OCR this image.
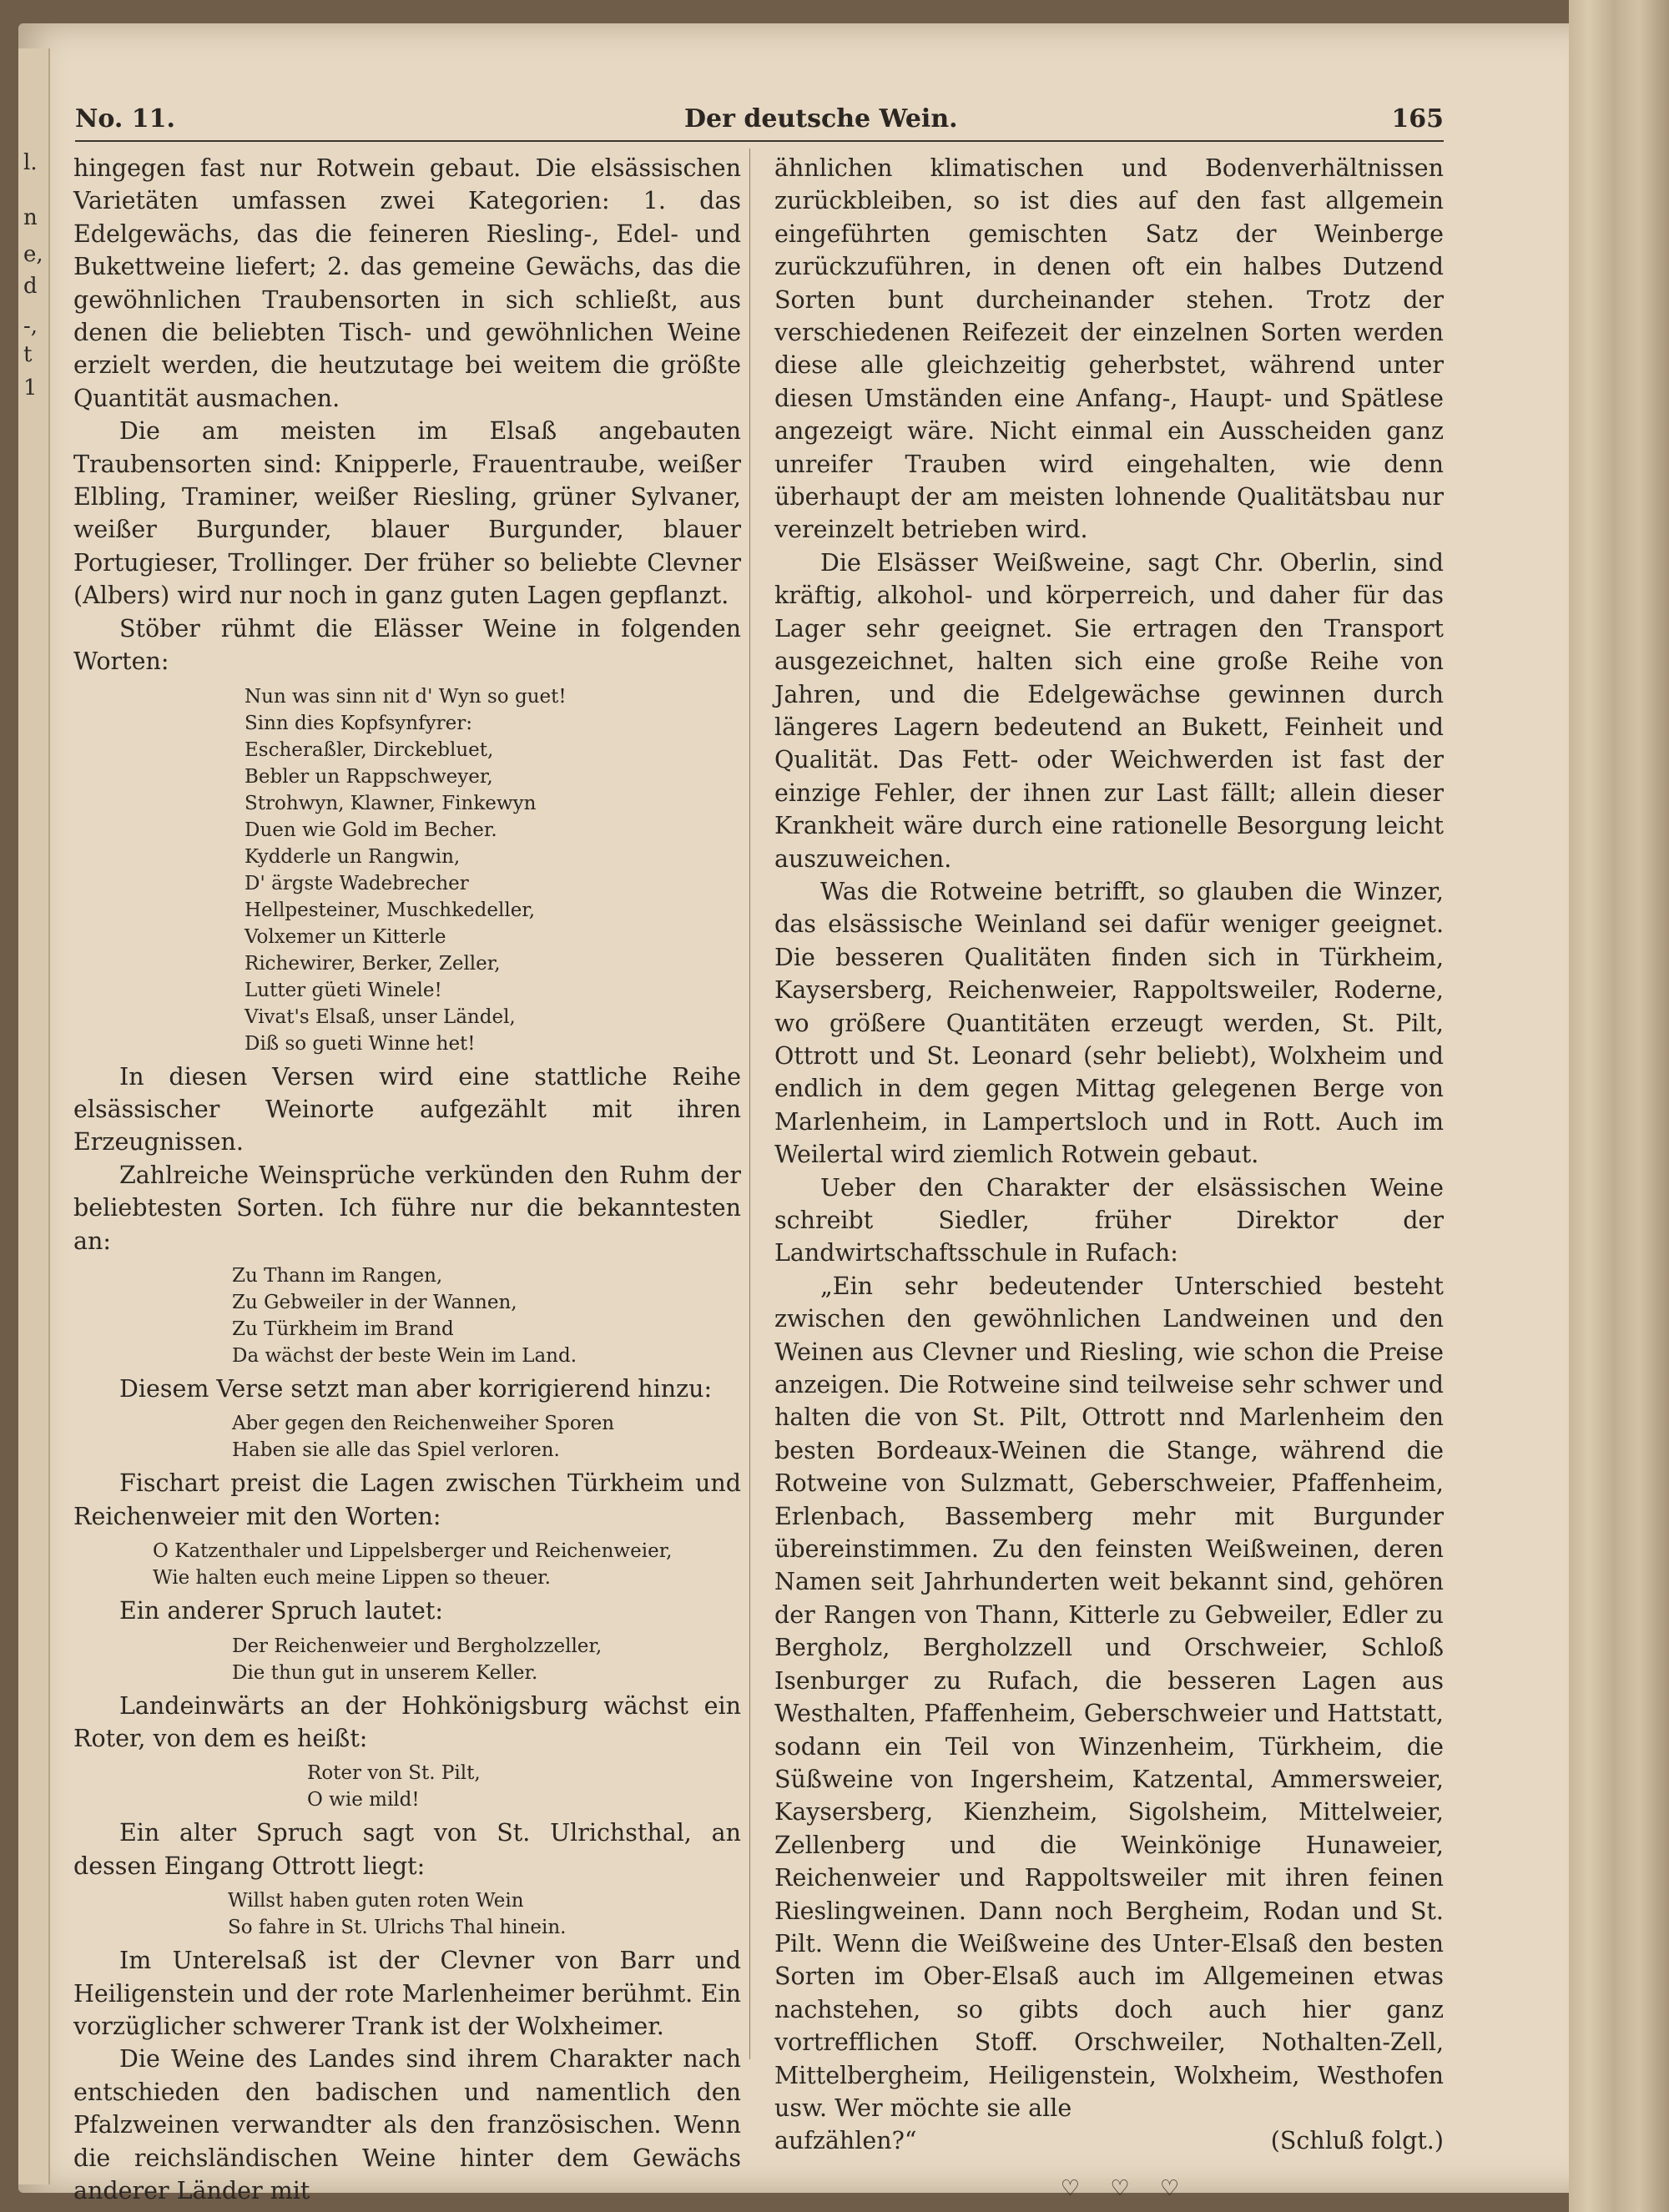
l.
n
e,
d
-,
t
1
No. 11.	Der deutsche Wein.	165

hingegen fast nur Rotwein gebaut. Die elsässischen Varietäten umfassen zwei Kategorien: 1. das Edelgewächs, das die feineren Riesling-, Edel- und Bukettweine liefert; 2. das gemeine Gewächs, das die gewöhnlichen Traubensorten in sich schließt, aus denen die beliebten Tisch- und gewöhnlichen Weine erzielt werden, die heutzutage bei weitem die größte Quantität ausmachen.

Die am meisten im Elsaß angebauten Traubensorten sind: Knipperle, Frauentraube, weißer Elbling, Traminer, weißer Riesling, grüner Sylvaner, weißer Burgunder, blauer Burgunder, blauer Portugieser, Trollinger. Der früher so beliebte Clevner (Albers) wird nur noch in ganz guten Lagen gepflanzt.

Stöber rühmt die Elässer Weine in folgenden Worten:

Nun was sinn nit d' Wyn so guet!
Sinn dies Kopfsynfyrer:
Escheraßler, Dirckebluet,
Bebler un Rappschweyer,
Strohwyn, Klawner, Finkewyn
Duen wie Gold im Becher.
Kydderle un Rangwin,
D' ärgste Wadebrecher
Hellpesteiner, Muschkedeller,
Volxemer un Kitterle
Richewirer, Berker, Zeller,
Lutter güeti Winele!
Vivat's Elsaß, unser Ländel,
Diß so gueti Winne het!

In diesen Versen wird eine stattliche Reihe elsässischer Weinorte aufgezählt mit ihren Erzeugnissen.

Zahlreiche Weinsprüche verkünden den Ruhm der beliebtesten Sorten. Ich führe nur die bekanntesten an:

Zu Thann im Rangen,
Zu Gebweiler in der Wannen,
Zu Türkheim im Brand
Da wächst der beste Wein im Land.

Diesem Verse setzt man aber korrigierend hinzu:

Aber gegen den Reichenweiher Sporen
Haben sie alle das Spiel verloren.

Fischart preist die Lagen zwischen Türkheim und Reichenweier mit den Worten:

O Katzenthaler und Lippelsberger und Reichenweier,
Wie halten euch meine Lippen so theuer.

Ein anderer Spruch lautet:

Der Reichenweier und Bergholzzeller,
Die thun gut in unserem Keller.

Landeinwärts an der Hohkönigsburg wächst ein Roter, von dem es heißt:

Roter von St. Pilt,
O wie mild!

Ein alter Spruch sagt von St. Ulrichsthal, an dessen Eingang Ottrott liegt:

Willst haben guten roten Wein
So fahre in St. Ulrichs Thal hinein.

Im Unterelsaß ist der Clevner von Barr und Heiligenstein und der rote Marlenheimer berühmt. Ein vorzüglicher schwerer Trank ist der Wolxheimer.

Die Weine des Landes sind ihrem Charakter nach entschieden den badischen und namentlich den Pfalzweinen verwandter als den französischen. Wenn die reichsländischen Weine hinter dem Gewächs anderer Länder mit

ähnlichen klimatischen und Bodenverhältnissen zurückbleiben, so ist dies auf den fast allgemein eingeführten gemischten Satz der Weinberge zurückzuführen, in denen oft ein halbes Dutzend Sorten bunt durcheinander stehen. Trotz der verschiedenen Reifezeit der einzelnen Sorten werden diese alle gleichzeitig geherbstet, während unter diesen Umständen eine Anfang-, Haupt- und Spätlese angezeigt wäre. Nicht einmal ein Ausscheiden ganz unreifer Trauben wird eingehalten, wie denn überhaupt der am meisten lohnende Qualitätsbau nur vereinzelt betrieben wird.

Die Elsässer Weißweine, sagt Chr. Oberlin, sind kräftig, alkohol- und körperreich, und daher für das Lager sehr geeignet. Sie ertragen den Transport ausgezeichnet, halten sich eine große Reihe von Jahren, und die Edelgewächse gewinnen durch längeres Lagern bedeutend an Bukett, Feinheit und Qualität. Das Fett- oder Weichwerden ist fast der einzige Fehler, der ihnen zur Last fällt; allein dieser Krankheit wäre durch eine rationelle Besorgung leicht auszuweichen.

Was die Rotweine betrifft, so glauben die Winzer, das elsässische Weinland sei dafür weniger geeignet. Die besseren Qualitäten finden sich in Türkheim, Kaysersberg, Reichenweier, Rappoltsweiler, Roderne, wo größere Quantitäten erzeugt werden, St. Pilt, Ottrott und St. Leonard (sehr beliebt), Wolxheim und endlich in dem gegen Mittag gelegenen Berge von Marlenheim, in Lampertsloch und in Rott. Auch im Weilertal wird ziemlich Rotwein gebaut.

Ueber den Charakter der elsässischen Weine schreibt Siedler, früher Direktor der Landwirtschaftsschule in Rufach:

„Ein sehr bedeutender Unterschied besteht zwischen den gewöhnlichen Landweinen und den Weinen aus Clevner und Riesling, wie schon die Preise anzeigen. Die Rotweine sind teilweise sehr schwer und halten die von St. Pilt, Ottrott nnd Marlenheim den besten Bordeaux-Weinen die Stange, während die Rotweine von Sulzmatt, Geberschweier, Pfaffenheim, Erlenbach, Bassemberg mehr mit Burgunder übereinstimmen. Zu den feinsten Weißweinen, deren Namen seit Jahrhunderten weit bekannt sind, gehören der Rangen von Thann, Kitterle zu Gebweiler, Edler zu Bergholz, Bergholzzell und Orschweier, Schloß Isenburger zu Rufach, die besseren Lagen aus Westhalten, Pfaffenheim, Geberschweier und Hattstatt, sodann ein Teil von Winzenheim, Türkheim, die Süßweine von Ingersheim, Katzental, Ammersweier, Kaysersberg, Kienzheim, Sigolsheim, Mittelweier, Zellenberg und die Weinkönige Hunaweier, Reichenweier und Rappoltsweiler mit ihren feinen Rieslingweinen. Dann noch Bergheim, Rodan und St. Pilt. Wenn die Weißweine des Unter-Elsaß den besten Sorten im Ober-Elsaß auch im Allgemeinen etwas nachstehen, so gibts doch auch hier ganz vortrefflichen Stoff. Orschweiler, Nothalten-Zell, Mittelbergheim, Heiligenstein, Wolxheim, Westhofen usw. Wer möchte sie alle

aufzählen?“	(Schluß folgt.)
♡ ♡ ♡
